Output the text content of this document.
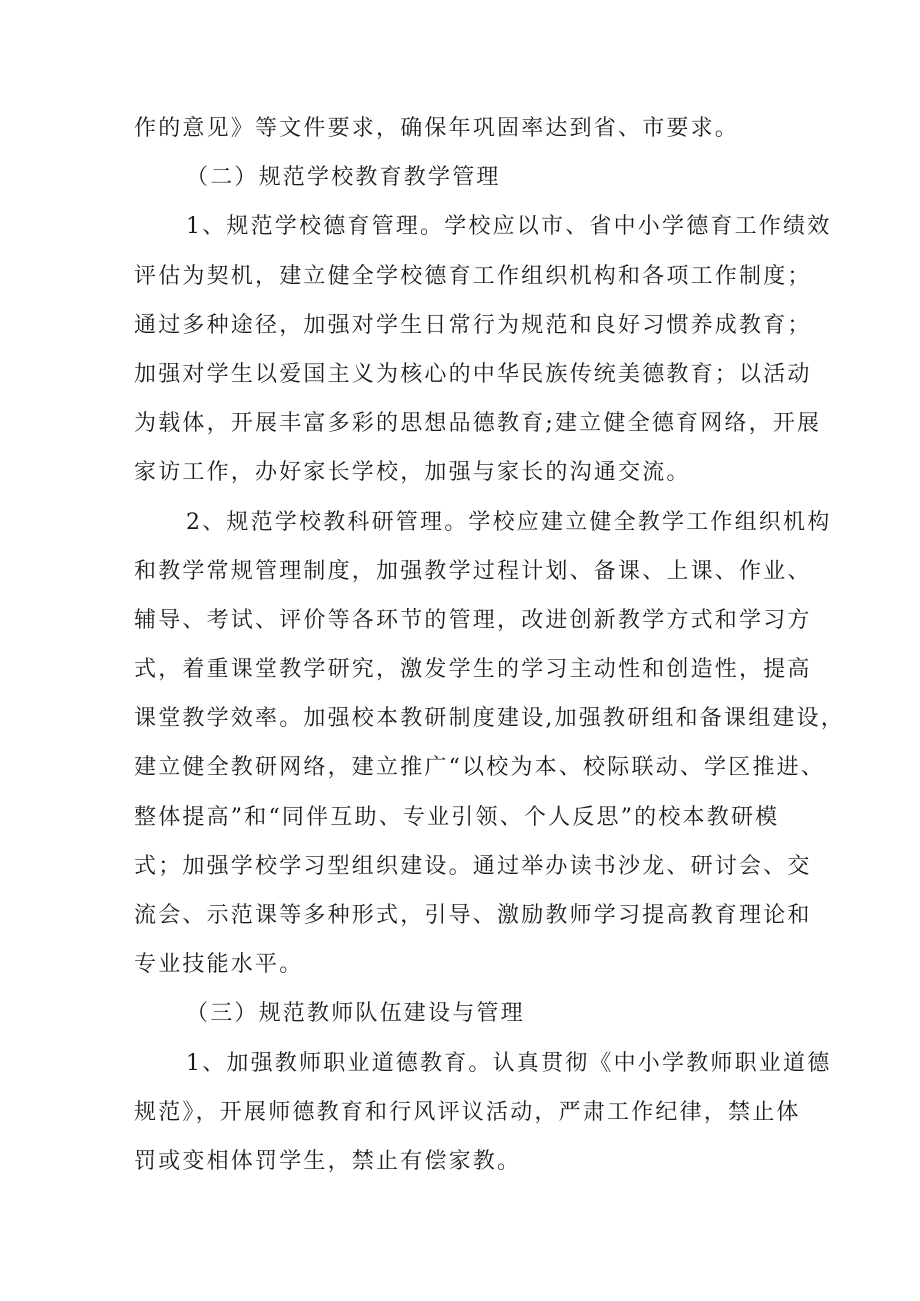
作的意见》等文件要求，确保年巩固率达到省、市要求。
（二）规范学校教育教学管理
1、规范学校德育管理。学校应以市、省中小学德育工作绩效
评估为契机，建立健全学校德育工作组织机构和各项工作制度；
通过多种途径，加强对学生日常行为规范和良好习惯养成教育；
加强对学生以爱国主义为核心的中华民族传统美德教育；以活动
为载体，开展丰富多彩的思想品德教育;建立健全德育网络，开展
家访工作，办好家长学校，加强与家长的沟通交流。
2、规范学校教科研管理。学校应建立健全教学工作组织机构
和教学常规管理制度，加强教学过程计划、备课、上课、作业、
辅导、考试、评价等各环节的管理，改进创新教学方式和学习方
式，着重课堂教学研究，激发学生的学习主动性和创造性，提高
课堂教学效率。加强校本教研制度建设,加强教研组和备课组建设，
建立健全教研网络，建立推广“以校为本、校际联动、学区推进、
整体提高”和“同伴互助、专业引领、个人反思”的校本教研模
式；加强学校学习型组织建设。通过举办读书沙龙、研讨会、交
流会、示范课等多种形式，引导、激励教师学习提高教育理论和
专业技能水平。
（三）规范教师队伍建设与管理
1、加强教师职业道德教育。认真贯彻《中小学教师职业道德
规范》，开展师德教育和行风评议活动，严肃工作纪律，禁止体
罚或变相体罚学生，禁止有偿家教。
